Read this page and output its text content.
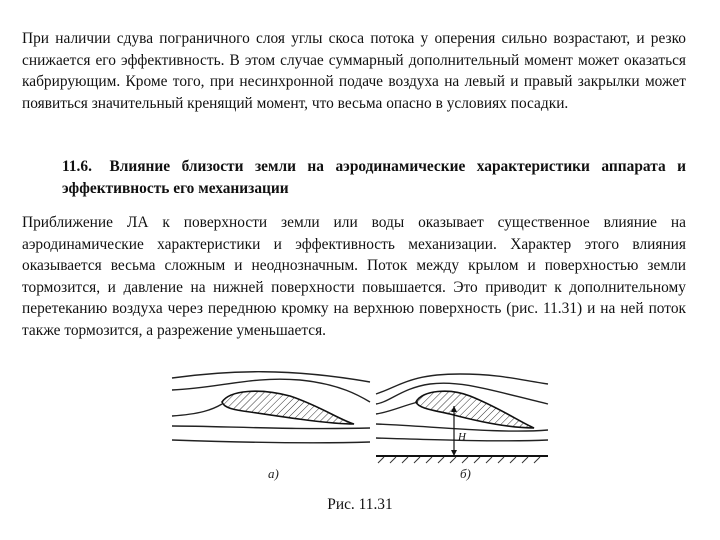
При наличии сдува пограничного слоя углы скоса потока у оперения сильно возрастают, и резко снижается его эффективность. В этом случае суммарный дополнительный момент может оказаться кабрирующим. Кроме того, при несинхронной подаче воздуха на левый и правый закрылки может появиться значительный кренящий момент, что весьма опасно в условиях посадки.

11.6. Влияние близости земли на аэродинамические характеристики аппарата и эффективность его механизации

Приближение ЛА к поверхности земли или воды оказывает существенное влияние на аэродинамические характеристики и эффективность механизации. Характер этого влияния оказывается весьма сложным и неоднозначным. Поток между крылом и поверхностью земли тормозится, и давление на нижней поверхности повышается. Это приводит к дополнительному перетеканию воздуха через переднюю кромку на верхнюю поверхность (рис. 11.31) и на ней поток также тормозится, а разрежение уменьшается.

а)
H
б)
Рис. 11.31
